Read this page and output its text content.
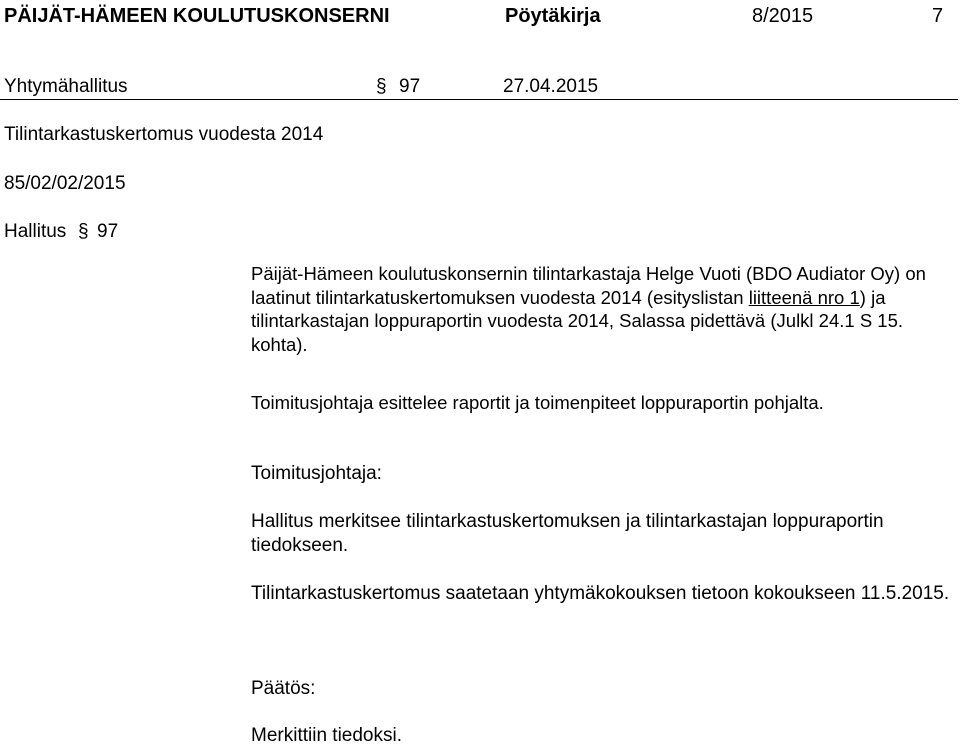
PÄIJÄT-HÄMEEN KOULUTUSKONSERNI	Pöytäkirja	8/2015	7
Yhtymähallitus	§ 97	27.04.2015
Tilintarkastuskertomus vuodesta 2014
85/02/02/2015
Hallitus § 97
Päijät-Hämeen koulutuskonsernin tilintarkastaja Helge Vuoti (BDO Audiator Oy) on laatinut tilintarkatuskertomuksen vuodesta 2014 (esityslistan liitteenä nro 1) ja tilintarkastajan loppuraportin vuodesta 2014, Salassa pidettävä (Julkl 24.1 S 15. kohta).
Toimitusjohtaja esittelee raportit ja toimenpiteet loppuraportin pohjalta.
Toimitusjohtaja:
Hallitus merkitsee tilintarkastuskertomuksen ja tilintarkastajan loppuraportin tiedokseen.
Tilintarkastuskertomus saatetaan yhtymäkokouksen tietoon kokoukseen 11.5.2015.
Päätös:
Merkittiin tiedoksi.
